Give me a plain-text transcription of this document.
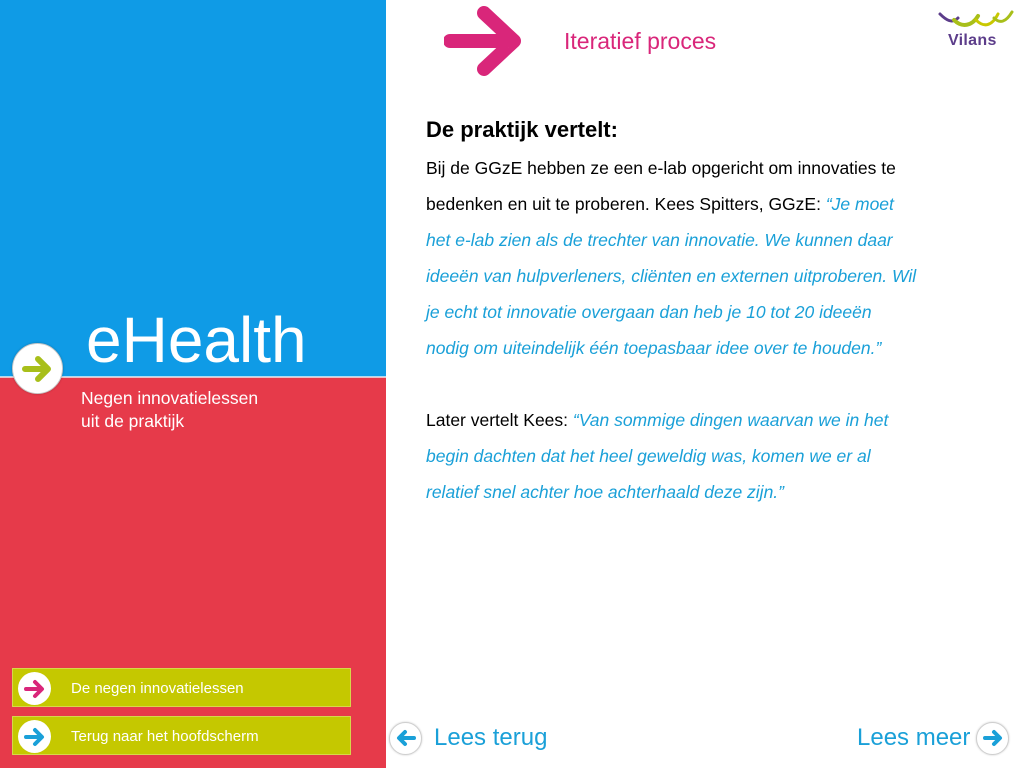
eHealth
Negen innovatielessen
uit de praktijk
De negen innovatielessen
Terug naar het hoofdscherm
Iteratief proces	Vilans
De praktijk vertelt:
Bij de GGzE hebben ze een e-lab opgericht om innovaties te
bedenken en uit te proberen. Kees Spitters, GGzE: “Je moet
het e-lab zien als de trechter van innovatie. We kunnen daar
ideeën van hulpverleners, cliënten en externen uitproberen. Wil
je echt tot innovatie overgaan dan heb je 10 tot 20 ideeën
nodig om uiteindelijk één toepasbaar idee over te houden.”
Later vertelt Kees: “Van sommige dingen waarvan we in het
begin dachten dat het heel geweldig was, komen we er al
relatief snel achter hoe achterhaald deze zijn.”
Lees terug	Lees meer
